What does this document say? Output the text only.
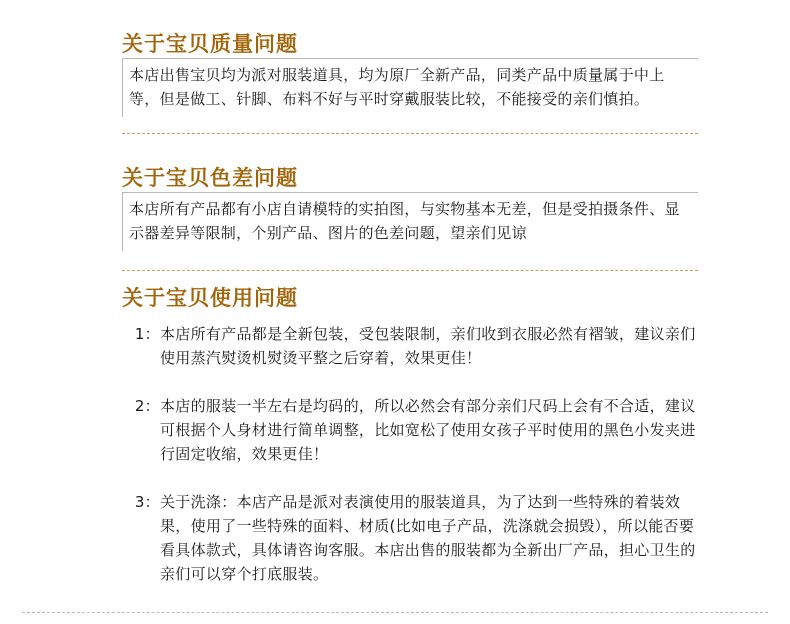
关于宝贝质量问题
本店出售宝贝均为派对服装道具，均为原厂全新产品，同类产品中质量属于中上等，但是做工、针脚、布料不好与平时穿戴服装比较，不能接受的亲们慎拍。
关于宝贝色差问题
本店所有产品都有小店自请模特的实拍图，与实物基本无差，但是受拍摄条件、显示器差异等限制，个别产品、图片的色差问题，望亲们见谅
关于宝贝使用问题
1： 本店所有产品都是全新包装，受包装限制，亲们收到衣服必然有褶皱，建议亲们使用蒸汽熨烫机熨烫平整之后穿着，效果更佳！
2： 本店的服装一半左右是均码的，所以必然会有部分亲们尺码上会有不合适，建议可根据个人身材进行简单调整，比如宽松了使用女孩子平时使用的黑色小发夹进行固定收缩，效果更佳！
3： 关于洗涤：本店产品是派对表演使用的服装道具，为了达到一些特殊的着装效果，使用了一些特殊的面料、材质(比如电子产品，洗涤就会损毁），所以能否要看具体款式，具体请咨询客服。本店出售的服装都为全新出厂产品，担心卫生的亲们可以穿个打底服装。
